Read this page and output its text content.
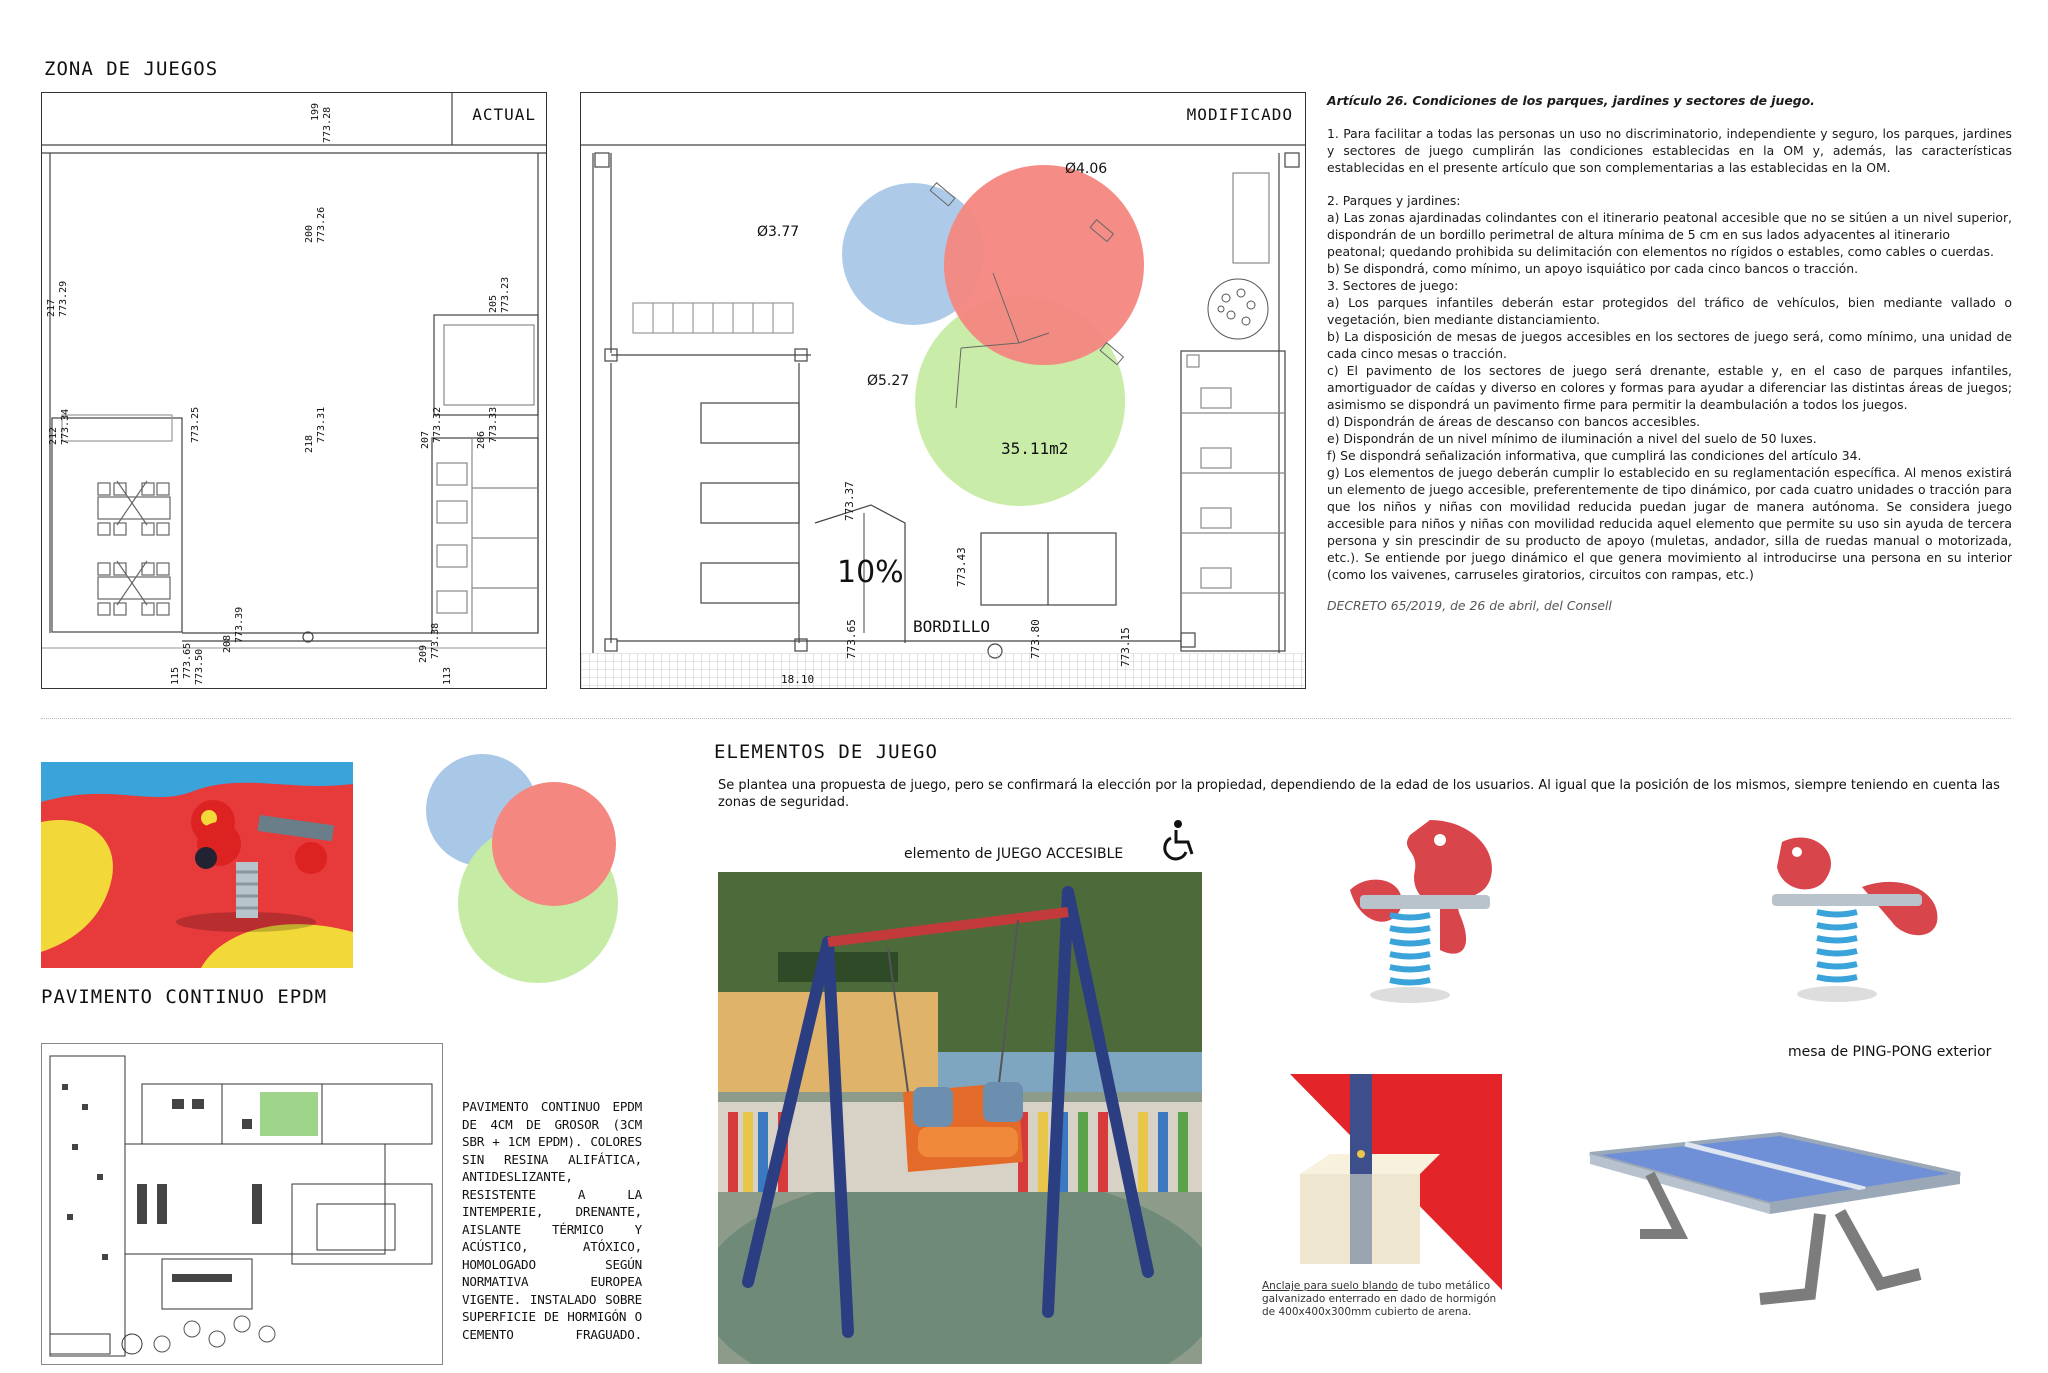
ZONA DE JUEGOS
ACTUAL
199 773.28
200 773.26
205 773.23
217 773.29
212 773.34	773.25
218
773.31	207 773.32	206 773.33
208
773.39
115 773.65 773.50	209 773.38
113
MODIFICADO
Ø3.77
Ø4.06
Ø5.27
35.11m2
10%
BORDILLO
773.37
773.43
773.65	773.80	773.15
18.10

Artículo 26. Condiciones de los parques, jardines y sectores de juego.

1. Para facilitar a todas las personas un uso no discriminatorio, independiente y seguro, los parques, jardines y sectores de juego cumplirán las condiciones establecidas en la OM y, además, las características establecidas en el presente artículo que son complementarias a las establecidas en la OM.

2. Parques y jardines:

a) Las zonas ajardinadas colindantes con el itinerario peatonal accesible que no se sitúen a un nivel superior, dispondrán de un bordillo perimetral de altura mínima de 5 cm en sus lados adyacentes al itinerario

peatonal; quedando prohibida su delimitación con elementos no rígidos o estables, como cables o cuerdas.

b) Se dispondrá, como mínimo, un apoyo isquiático por cada cinco bancos o tracción.

3. Sectores de juego:

a) Los parques infantiles deberán estar protegidos del tráfico de vehículos, bien mediante vallado o vegetación, bien mediante distanciamiento.

b) La disposición de mesas de juegos accesibles en los sectores de juego será, como mínimo, una unidad de cada cinco mesas o tracción.

c) El pavimento de los sectores de juego será drenante, estable y, en el caso de parques infantiles, amortiguador de caídas y diverso en colores y formas para ayudar a diferenciar las distintas áreas de juegos; asimismo se dispondrá un pavimento firme para permitir la deambulación a todos los juegos.

d) Dispondrán de áreas de descanso con bancos accesibles.

e) Dispondrán de un nivel mínimo de iluminación a nivel del suelo de 50 luxes.

f) Se dispondrá señalización informativa, que cumplirá las condiciones del artículo 34.

g) Los elementos de juego deberán cumplir lo establecido en su reglamentación específica. Al menos existirá un elemento de juego accesible, preferentemente de tipo dinámico, por cada cuatro unidades o tracción para que los niños y niñas con movilidad reducida puedan jugar de manera autónoma. Se considera juego accesible para niños y niñas con movilidad reducida aquel elemento que permite su uso sin ayuda de tercera persona y sin prescindir de su producto de apoyo (muletas, andador, silla de ruedas manual o motorizada, etc.). Se entiende por juego dinámico el que genera movimiento al introducirse una persona en su interior (como los vaivenes, carruseles giratorios, circuitos con rampas, etc.)

DECRETO 65/2019, de 26 de abril, del Consell

PAVIMENTO CONTINUO EPDM
PAVIMENTO CONTINUO EPDM DE 4CM DE GROSOR (3CM SBR + 1CM EPDM). COLORES SIN RESINA ALIFÁTICA, ANTIDESLIZANTE, RESISTENTE A LA INTEMPERIE, DRENANTE, AISLANTE TÉRMICO Y ACÚSTICO, ATÓXICO, HOMOLOGADO SEGÚN NORMATIVA EUROPEA VIGENTE. INSTALADO SOBRE SUPERFICIE DE HORMIGÓN O CEMENTO FRAGUADO.
ELEMENTOS DE JUEGO
Se plantea una propuesta de juego, pero se confirmará la elección por la propiedad, dependiendo de la edad de los usuarios. Al igual que la posición de los mismos, siempre teniendo en cuenta las zonas de seguridad.
elemento de JUEGO ACCESIBLE
Anclaje para suelo blando de tubo metálico galvanizado enterrado en dado de hormigón de 400x400x300mm cubierto de arena.
mesa de PING-PONG exterior
